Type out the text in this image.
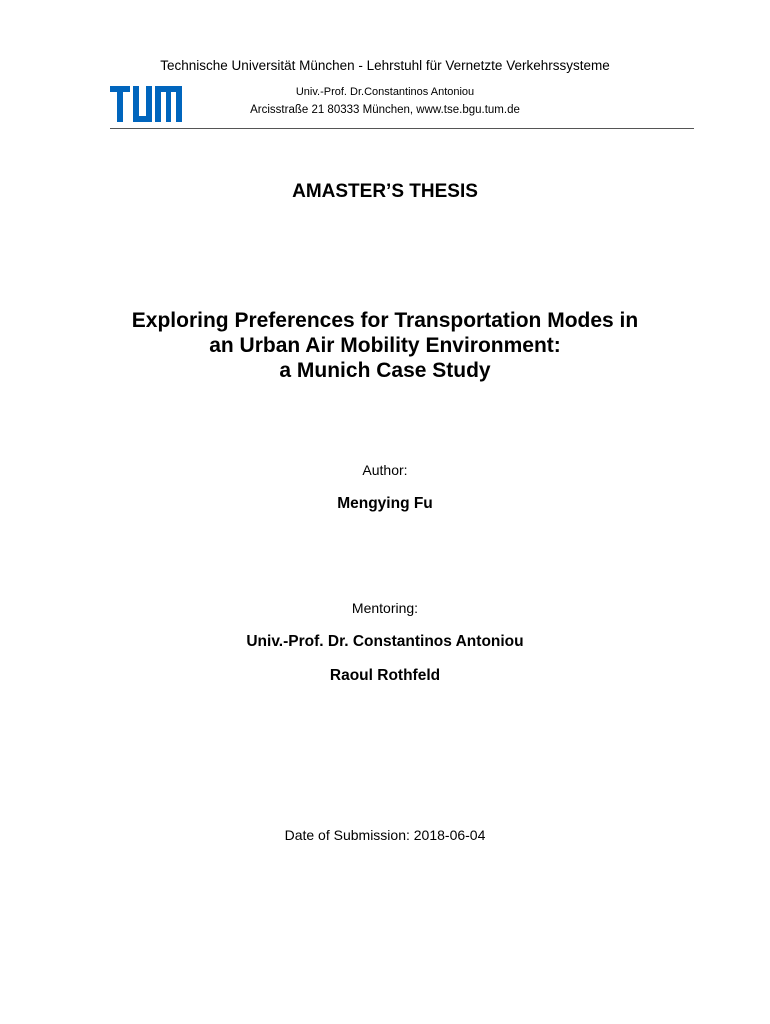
Technische Universität München - Lehrstuhl für Vernetzte Verkehrssysteme
Univ.-Prof. Dr.Constantinos Antoniou
Arcisstraße 21 80333 München, www.tse.bgu.tum.de
AMASTER’S THESIS
Exploring Preferences for Transportation Modes in
an Urban Air Mobility Environment:
a Munich Case Study
Author:
Mengying Fu
Mentoring:
Univ.-Prof. Dr. Constantinos Antoniou
Raoul Rothfeld
Date of Submission: 2018-06-04
